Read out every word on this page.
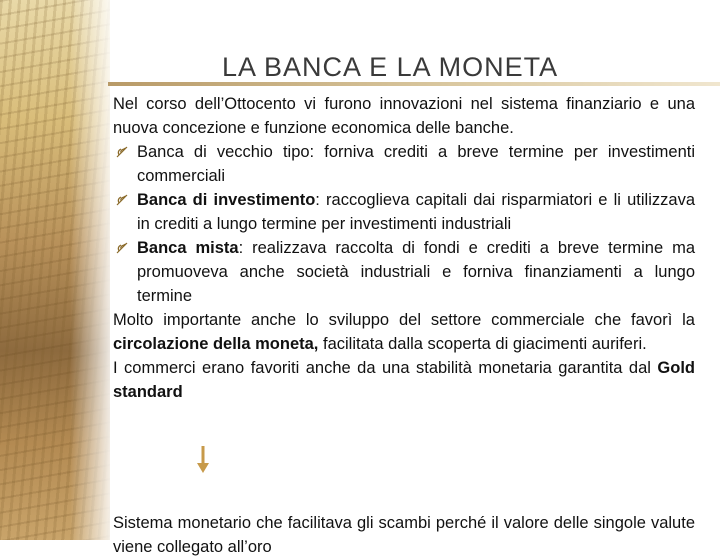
LA BANCA E LA MONETA

Nel corso dell’Ottocento vi furono innovazioni nel sistema finanziario e una nuova concezione e funzione economica delle banche.

Banca di vecchio tipo: forniva crediti a breve termine per investimenti commerciali

Banca di investimento: raccoglieva capitali dai risparmiatori e li utilizzava in crediti a lungo termine per investimenti industriali

Banca mista: realizzava raccolta di fondi e crediti a breve termine ma promuoveva anche società industriali e forniva finanziamenti a lungo termine

Molto importante anche lo sviluppo del settore commerciale che favorì la circolazione della moneta, facilitata dalla scoperta di giacimenti auriferi.

I commerci erano favoriti anche da una stabilità monetaria garantita dal Gold standard

Sistema monetario che facilitava gli scambi perché il valore delle singole valute viene collegato all’oro
